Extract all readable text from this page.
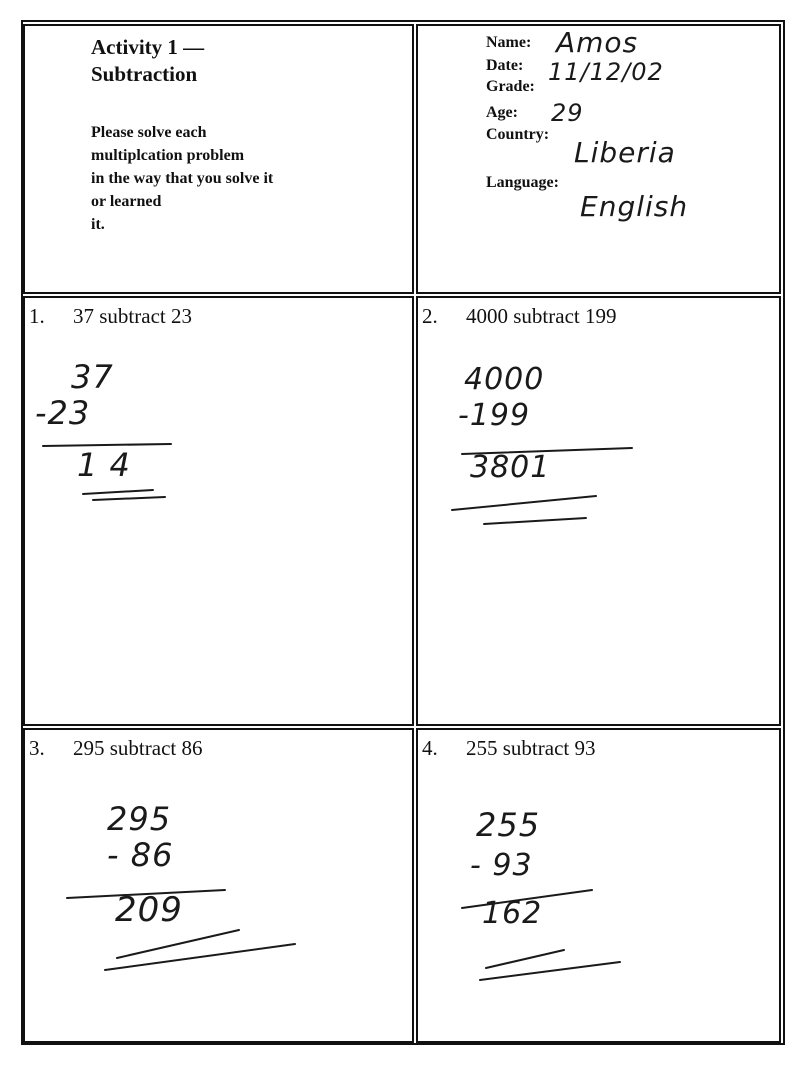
Activity 1 —
Subtraction
Please solve each
multiplcation problem
in the way that you solve it
or learned
it.
Name: Amos
Date: 11/12/02
Grade:
Age: 29
Country:
Liberia
Language:
English
1. 37 subtract 23
37
-23
1 4
2. 4000 subtract 199
4000
-199
3801
3. 295 subtract 86
295
- 86
209
4. 255 subtract 93
255
- 93
162
